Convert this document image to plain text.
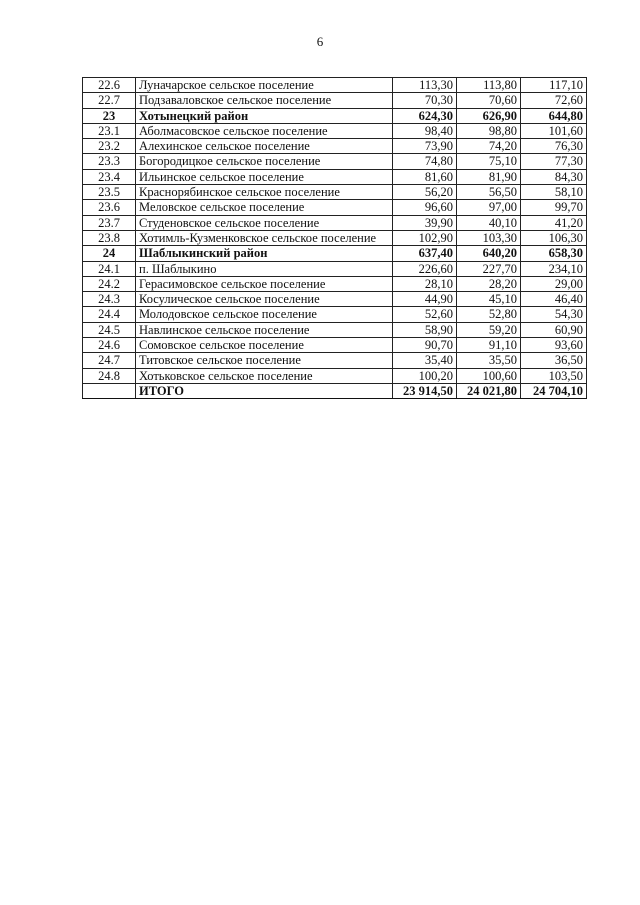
6
22.6	Луначарское сельское поселение	113,30	113,80	117,10
22.7	Подзаваловское сельское поселение	70,30	70,60	72,60
23	Хотынецкий район	624,30	626,90	644,80
23.1	Аболмасовское сельское поселение	98,40	98,80	101,60
23.2	Алехинское сельское поселение	73,90	74,20	76,30
23.3	Богородицкое сельское поселение	74,80	75,10	77,30
23.4	Ильинское сельское поселение	81,60	81,90	84,30
23.5	Краснорябинское сельское поселение	56,20	56,50	58,10
23.6	Меловское сельское поселение	96,60	97,00	99,70
23.7	Студеновское сельское поселение	39,90	40,10	41,20
23.8	Хотимль-Кузменковское сельское поселение	102,90	103,30	106,30
24	Шаблыкинский район	637,40	640,20	658,30
24.1	п. Шаблыкино	226,60	227,70	234,10
24.2	Герасимовское сельское поселение	28,10	28,20	29,00
24.3	Косуличеcкое сельское поселение	44,90	45,10	46,40
24.4	Молодовское сельское поселение	52,60	52,80	54,30
24.5	Навлинское сельское поселение	58,90	59,20	60,90
24.6	Сомовское сельское поселение	90,70	91,10	93,60
24.7	Титовское сельское поселение	35,40	35,50	36,50
24.8	Хотьковское сельское поселение	100,20	100,60	103,50
	ИТОГО	23 914,50	24 021,80	24 704,10
